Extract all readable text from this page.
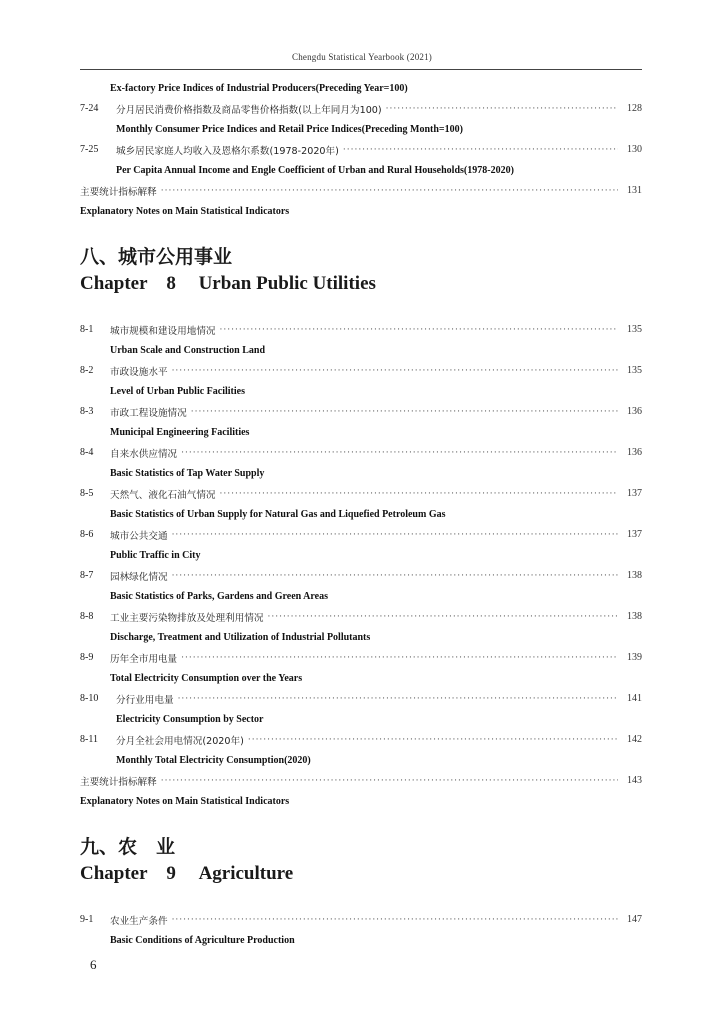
Chengdu Statistical Yearbook (2021)
Ex-factory Price Indices of Industrial Producers(Preceding Year=100)
7-24	分月居民消费价格指数及商品零售价格指数(以上年同月为100) ·····	128
Monthly Consumer Price Indices and Retail Price Indices(Preceding Month=100)
7-25	城乡居民家庭人均收入及恩格尔系数(1978-2020年) ·····	130
Per Capita Annual Income and Engle Coefficient of Urban and Rural Households(1978-2020)
主要统计指标解释 ·····	131
Explanatory Notes on Main Statistical Indicators
八、城市公用事业
Chapter 8 Urban Public Utilities
8-1	城市规模和建设用地情况 ·····	135
Urban Scale and Construction Land
8-2	市政设施水平 ·····	135
Level of Urban Public Facilities
8-3	市政工程设施情况 ·····	136
Municipal Engineering Facilities
8-4	自来水供应情况 ·····	136
Basic Statistics of Tap Water Supply
8-5	天然气、液化石油气情况 ·····	137
Basic Statistics of Urban Supply for Natural Gas and Liquefied Petroleum Gas
8-6	城市公共交通 ·····	137
Public Traffic in City
8-7	园林绿化情况 ·····	138
Basic Statistics of Parks, Gardens and Green Areas
8-8	工业主要污染物排放及处理利用情况 ·····	138
Discharge, Treatment and Utilization of Industrial Pollutants
8-9	历年全市用电量 ·····	139
Total Electricity Consumption over the Years
8-10	分行业用电量 ·····	141
Electricity Consumption by Sector
8-11	分月全社会用电情况(2020年) ·····	142
Monthly Total Electricity Consumption(2020)
主要统计指标解释 ·····	143
Explanatory Notes on Main Statistical Indicators
九、农　业
Chapter 9 Agriculture
9-1	农业生产条件 ·····	147
Basic Conditions of Agriculture Production
6
